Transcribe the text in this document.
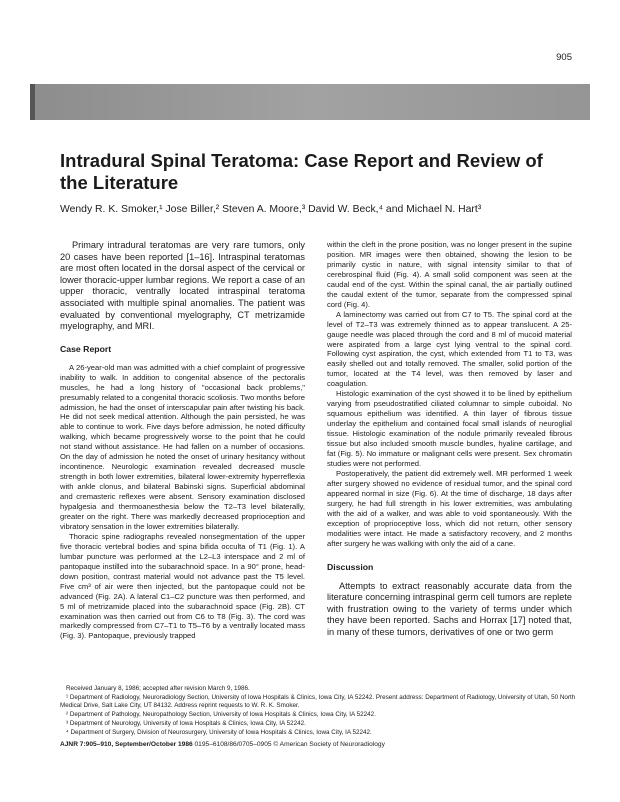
905
Intradural Spinal Teratoma: Case Report and Review of the Literature
Wendy R. K. Smoker,¹ Jose Biller,² Steven A. Moore,³ David W. Beck,⁴ and Michael N. Hart³

Primary intradural teratomas are very rare tumors, only 20 cases have been reported [1–16]. Intraspinal teratomas are most often located in the dorsal aspect of the cervical or lower thoracic-upper lumbar regions. We report a case of an upper thoracic, ventrally located intraspinal teratoma associated with multiple spinal anomalies. The patient was evaluated by conventional myelography, CT metrizamide myelography, and MRI.

Case Report

A 26-year-old man was admitted with a chief complaint of progressive inability to walk. In addition to congenital absence of the pectoralis muscles, he had a long history of "occasional back problems," presumably related to a congenital thoracic scoliosis. Two months before admission, he had the onset of interscapular pain after twisting his back. He did not seek medical attention. Although the pain persisted, he was able to continue to work. Five days before admission, he noted difficulty walking, which became progressively worse to the point that he could not stand without assistance. He had fallen on a number of occasions. On the day of admission he noted the onset of urinary hesitancy without incontinence. Neurologic examination revealed decreased muscle strength in both lower extremities, bilateral lower-extremity hyperreflexia with ankle clonus, and bilateral Babinski signs. Superficial abdominal and cremasteric reflexes were absent. Sensory examination disclosed hypalgesia and thermoanesthesia below the T2–T3 level bilaterally, greater on the right. There was markedly decreased proprioception and vibratory sensation in the lower extremities bilaterally.

Thoracic spine radiographs revealed nonsegmentation of the upper five thoracic vertebral bodies and spina bifida occulta of T1 (Fig. 1). A lumbar puncture was performed at the L2–L3 interspace and 2 ml of pantopaque instilled into the subarachnoid space. In a 90° prone, head-down position, contrast material would not advance past the T5 level. Five cm³ of air were then injected, but the pantopaque could not be advanced (Fig. 2A). A lateral C1–C2 puncture was then performed, and 5 ml of metrizamide placed into the subarachnoid space (Fig. 2B). CT examination was then carried out from C6 to T8 (Fig. 3). The cord was markedly compressed from C7–T1 to T5–T6 by a ventrally located mass (Fig. 3). Pantopaque, previously trapped

within the cleft in the prone position, was no longer present in the supine position. MR images were then obtained, showing the lesion to be primarily cystic in nature, with signal intensity similar to that of cerebrospinal fluid (Fig. 4). A small solid component was seen at the caudal end of the cyst. Within the spinal canal, the air partially outlined the caudal extent of the tumor, separate from the compressed spinal cord (Fig. 4).

A laminectomy was carried out from C7 to T5. The spinal cord at the level of T2–T3 was extremely thinned as to appear translucent. A 25-gauge needle was placed through the cord and 8 ml of mucoid material were aspirated from a large cyst lying ventral to the spinal cord. Following cyst aspiration, the cyst, which extended from T1 to T3, was easily shelled out and totally removed. The smaller, solid portion of the tumor, located at the T4 level, was then removed by laser and coagulation.

Histologic examination of the cyst showed it to be lined by epithelium varying from pseudostratified ciliated columnar to simple cuboidal. No squamous epithelium was identified. A thin layer of fibrous tissue underlay the epithelium and contained focal small islands of neuroglial tissue. Histologic examination of the nodule primarily revealed fibrous tissue but also included smooth muscle bundles, hyaline cartilage, and fat (Fig. 5). No immature or malignant cells were present. Sex chromatin studies were not performed.

Postoperatively, the patient did extremely well. MR performed 1 week after surgery showed no evidence of residual tumor, and the spinal cord appeared normal in size (Fig. 6). At the time of discharge, 18 days after surgery, he had full strength in his lower extremities, was ambulating with the aid of a walker, and was able to void spontaneously. With the exception of proprioceptive loss, which did not return, other sensory modalities were intact. He made a satisfactory recovery, and 2 months after surgery he was walking with only the aid of a cane.

Discussion

Attempts to extract reasonably accurate data from the literature concerning intraspinal germ cell tumors are replete with frustration owing to the variety of terms under which they have been reported. Sachs and Horrax [17] noted that, in many of these tumors, derivatives of one or two germ

Received January 8, 1986; accepted after revision March 9, 1986.

¹ Department of Radiology, Neuroradiology Section, University of Iowa Hospitals & Clinics, Iowa City, IA 52242. Present address: Department of Radiology, University of Utah, 50 North Medical Drive, Salt Lake City, UT 84132. Address reprint requests to W. R. K. Smoker.

² Department of Pathology, Neuropathology Section, University of Iowa Hospitals & Clinics, Iowa City, IA 52242.

³ Department of Neurology, University of Iowa Hospitals & Clinics, Iowa City, IA 52242.

⁴ Department of Surgery, Division of Neurosurgery, University of Iowa Hospitals & Clinics, Iowa City, IA 52242.

AJNR 7:905–910, September/October 1986 0195–6108/86/0705–0905 © American Society of Neuroradiology
